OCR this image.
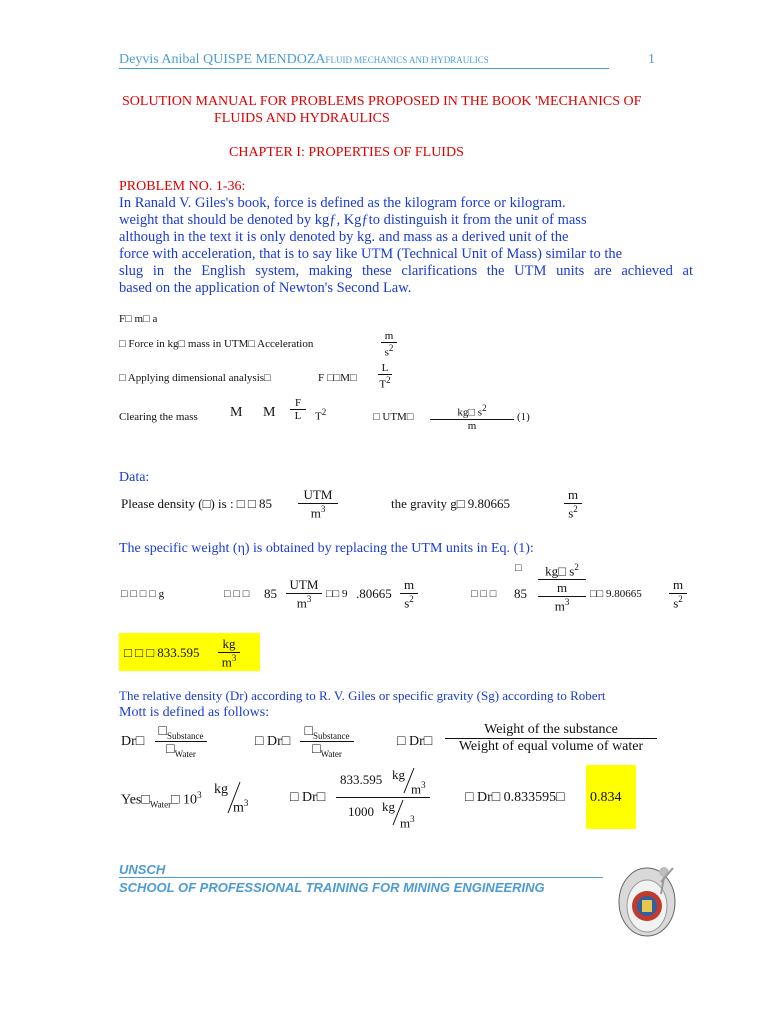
Deyvis Anibal QUISPE MENDOZAFLUID MECHANICS AND HYDRAULICS	1
SOLUTION MANUAL FOR PROBLEMS PROPOSED IN THE BOOK 'MECHANICS OF
FLUIDS AND HYDRAULICS
CHAPTER I: PROPERTIES OF FLUIDS
PROBLEM NO. 1-36:
In Ranald V. Giles's book, force is defined as the kilogram force or kilogram.
weight that should be denoted by kgƒ, Kgƒto distinguish it from the unit of mass
although in the text it is only denoted by kg. and mass as a derived unit of the
force with acceleration, that is to say like UTM (Technical Unit of Mass) similar to the
slug in the English system, making these clarifications the UTM units are achieved at
based on the application of Newton's Second Law.
F□ m□ a
□ Force in kg□ mass in UTM□ Acceleration	$\frac{m}{s^2}$
□ Applying dimensional analysis□	F □□M□
L
$T^2$
Clearing the mass M M
F
L	$T^2$	□ UTM□ $\frac{kg□ s^2}{m} (1)$
Data:
Please density (□) is : □ □ 85
UTM
$m^3$	the gravity g□ 9.80665	$\frac{m}{s^2}$
The specific weight (η) is obtained by replacing the UTM units in Eq. (1):
□ □ □ □ g	□ □ □ 85
UTM
$m^3$	□□ 9 .80665
m
$s^2$
□
□ □ □ 85
kg□ $s^2$
m
$m^3$
□□ 9.80665
m
$s^2$
□ □ □ $833.595 \frac{kg}{m^3}$
The relative density (Dr) according to R. V. Giles or specific gravity (Sg) according to Robert
Mott is defined as follows:
Dr□
$□_{Substance}$
$□_{Water}$
□ Dr□
$□_{Substance}$
$□_{Water}$
□ Dr□
Weight of the substance
Weight of equal volume of water
$Yes□_{Water}□$ $10^3$ kg
$m^3$	□ Dr□
833.595 kg
$m^3$
1000 kg
$m^3$
□ Dr□ 0.833595□ 0.834
UNSCH
SCHOOL OF PROFESSIONAL TRAINING FOR MINING ENGINEERING
